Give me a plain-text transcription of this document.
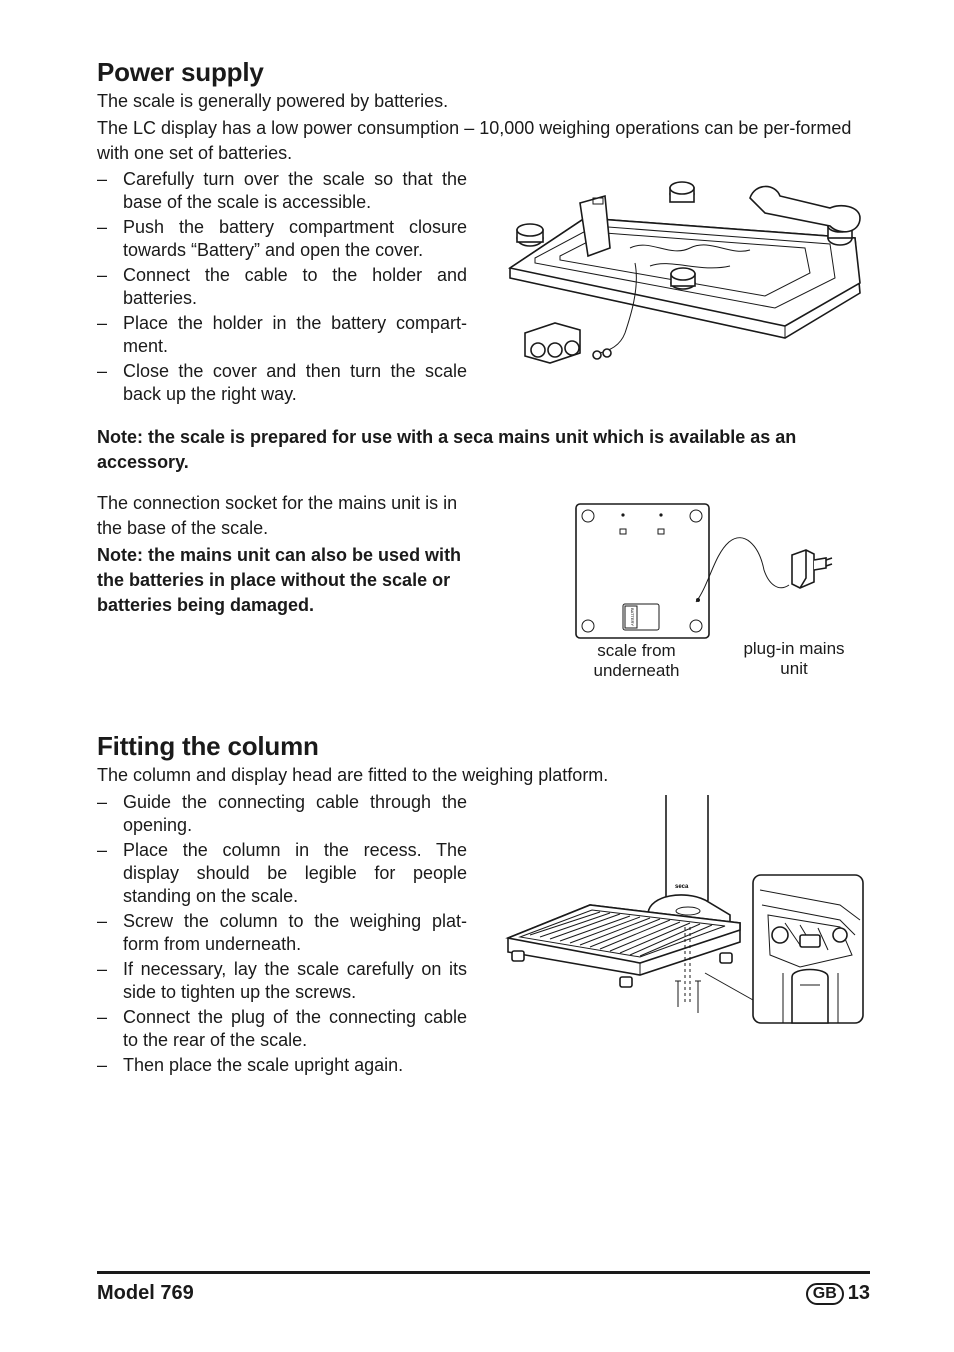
Power supply

The scale is generally powered by batteries.

The LC display has a low power consumption – 10,000 weighing operations can be per-formed with one set of batteries.

– Carefully turn over the scale so that the base of the scale is accessible.
– Push the battery compartment closure towards “Battery” and open the cover.
– Connect the cable to the holder and batteries.
– Place the holder in the battery compart-ment.
– Close the cover and then turn the scale back up the right way.

Note: the scale is prepared for use with a seca mains unit which is available as an accessory.

The connection socket for the mains unit is in the base of the scale.

Note: the mains unit can also be used with the batteries in place without the scale or batteries being damaged.

BATTERY
scale from underneath
plug-in mains unit
Fitting the column

The column and display head are fitted to the weighing platform.

– Guide the connecting cable through the opening.
– Place the column in the recess. The display should be legible for people standing on the scale.
– Screw the column to the weighing plat-form from underneath.
– If necessary, lay the scale carefully on its side to tighten up the screws.
– Connect the plug of the connecting cable to the rear of the scale.
– Then place the scale upright again.
seca
Model 769	GB 13
